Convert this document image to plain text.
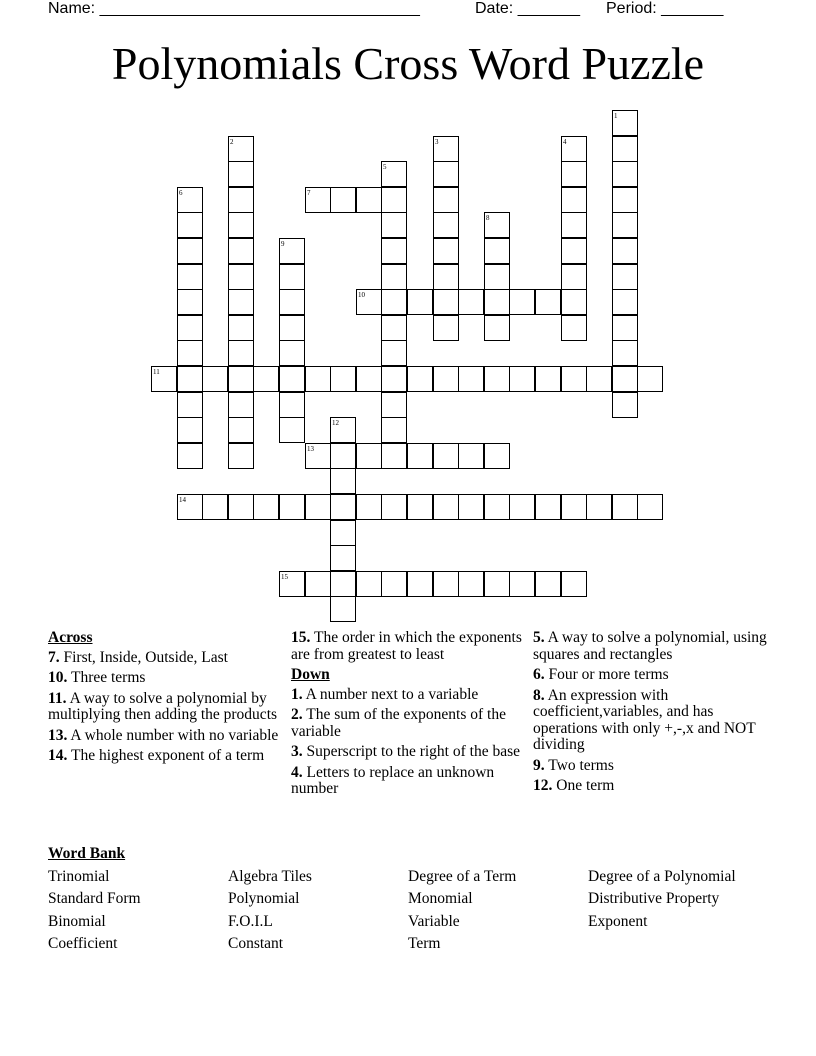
Name: ____________________________________

	Date: _______

Period: _______

Polynomials Cross Word Puzzle
1
2	3	4
5
6	7
8
9
10
11
12
13
14
15
Across
7. First, Inside, Outside, Last
10. Three terms
11. A way to solve a polynomial by multiplying then adding the products
13. A whole number with no variable
14. The highest exponent of a term
15. The order in which the exponents are from greatest to least
Down
1. A number next to a variable
2. The sum of the exponents of the variable
3. Superscript to the right of the base
4. Letters to replace an unknown number
5. A way to solve a polynomial, using squares and rectangles
6. Four or more terms
8. An expression with coefficient,variables, and has operations with only +,-,x and NOT dividing
9. Two terms
12. One term
Word Bank
Trinomial	Algebra Tiles	Degree of a Term	Degree of a Polynomial
Standard Form	Polynomial	Monomial	Distributive Property
Binomial	F.O.I.L	Variable	Exponent
Coefficient	Constant	Term
